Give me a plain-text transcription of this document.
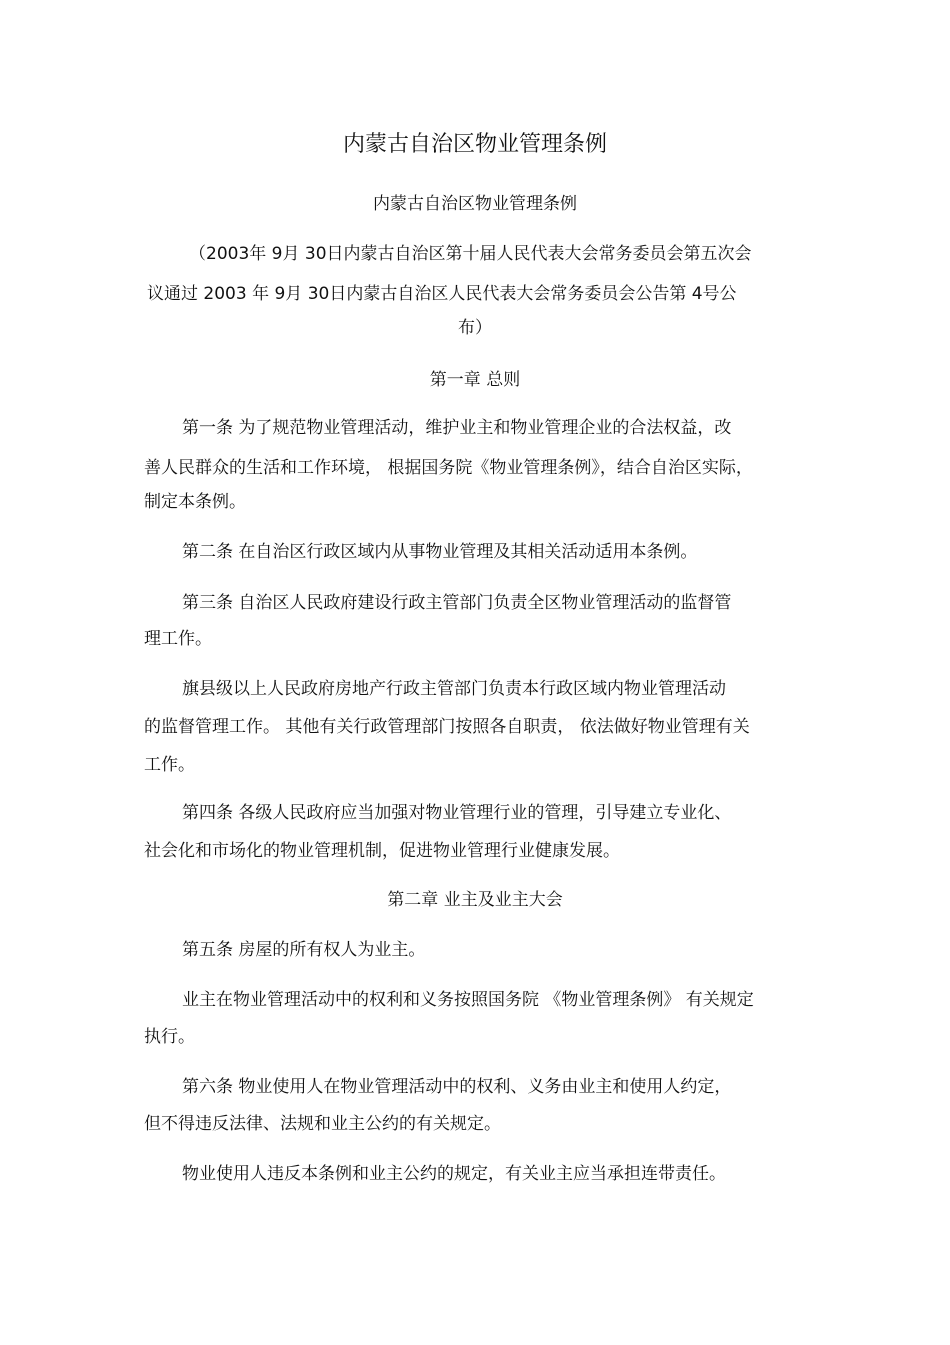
内蒙古自治区物业管理条例
内蒙古自治区物业管理条例
（2003年 9月 30日内蒙古自治区第十届人民代表大会常务委员会第五次会
议通过 2003 年 9月 30日内蒙古自治区人民代表大会常务委员会公告第 4号公
布）
第一章 总则
第一条 为了规范物业管理活动，维护业主和物业管理企业的合法权益，改
善人民群众的生活和工作环境， 根据国务院《物业管理条例》，结合自治区实际，
制定本条例。
第二条 在自治区行政区域内从事物业管理及其相关活动适用本条例。
第三条 自治区人民政府建设行政主管部门负责全区物业管理活动的监督管
理工作。
旗县级以上人民政府房地产行政主管部门负责本行政区域内物业管理活动
的监督管理工作。 其他有关行政管理部门按照各自职责， 依法做好物业管理有关
工作。
第四条 各级人民政府应当加强对物业管理行业的管理，引导建立专业化、
社会化和市场化的物业管理机制，促进物业管理行业健康发展。
第二章 业主及业主大会
第五条 房屋的所有权人为业主。
业主在物业管理活动中的权利和义务按照国务院 《物业管理条例》 有关规定
执行。
第六条 物业使用人在物业管理活动中的权利、义务由业主和使用人约定，
但不得违反法律、法规和业主公约的有关规定。
物业使用人违反本条例和业主公约的规定，有关业主应当承担连带责任。
